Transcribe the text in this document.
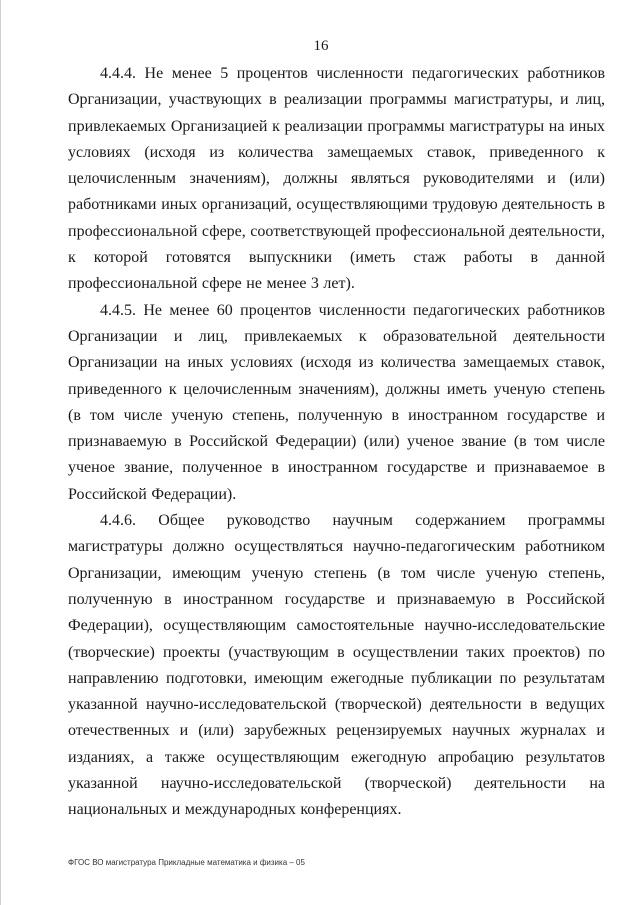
16

4.4.4. Не менее 5 процентов численности педагогических работников Организации, участвующих в реализации программы магистратуры, и лиц, привлекаемых Организацией к реализации программы магистратуры на иных условиях (исходя из количества замещаемых ставок, приведенного к целочисленным значениям), должны являться руководителями и (или) работниками иных организаций, осуществляющими трудовую деятельность в профессиональной сфере, соответствующей профессиональной деятельности, к которой готовятся выпускники (иметь стаж работы в данной профессиональной сфере не менее 3 лет).

4.4.5. Не менее 60 процентов численности педагогических работников Организации и лиц, привлекаемых к образовательной деятельности Организации на иных условиях (исходя из количества замещаемых ставок, приведенного к целочисленным значениям), должны иметь ученую степень (в том числе ученую степень, полученную в иностранном государстве и признаваемую в Российской Федерации) (или) ученое звание (в том числе ученое звание, полученное в иностранном государстве и признаваемое в Российской Федерации).

4.4.6. Общее руководство научным содержанием программы магистратуры должно осуществляться научно-педагогическим работником Организации, имеющим ученую степень (в том числе ученую степень, полученную в иностранном государстве и признаваемую в Российской Федерации), осуществляющим самостоятельные научно-исследовательские (творческие) проекты (участвующим в осуществлении таких проектов) по направлению подготовки, имеющим ежегодные публикации по результатам указанной научно-исследовательской (творческой) деятельности в ведущих отечественных и (или) зарубежных рецензируемых научных журналах и изданиях, а также осуществляющим ежегодную апробацию результатов указанной научно-исследовательской (творческой) деятельности на национальных и международных конференциях.

ФГОС ВО магистратура Прикладные математика и физика – 05
